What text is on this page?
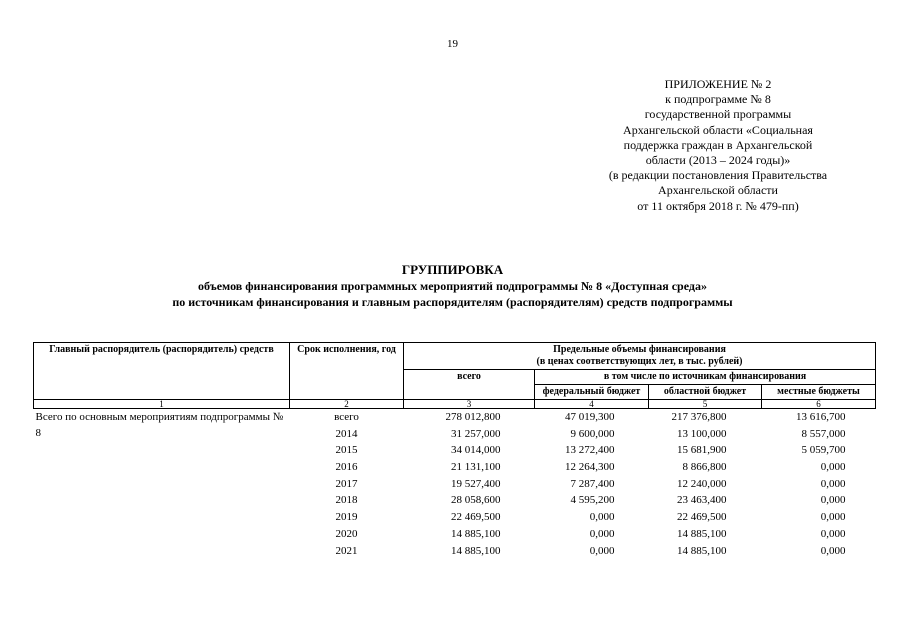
19
ПРИЛОЖЕНИЕ № 2
к подпрограмме № 8
государственной программы
Архангельской области «Социальная
поддержка граждан в Архангельской
области (2013 – 2024 годы)»
(в редакции постановления Правительства
Архангельской области
от 11 октября 2018 г. № 479-пп)
ГРУППИРОВКА
объемов финансирования программных мероприятий подпрограммы № 8 «Доступная среда»
по источникам финансирования и главным распорядителям (распорядителям) средств подпрограммы
Главный распорядитель (распорядитель) средств	Срок исполнения, год	Предельные объемы финансирования
(в ценах соответствующих лет, в тыс. рублей)			

		всего	в том числе по источникам финансирования		
			федеральный бюджет	областной бюджет	местные бюджеты
1	2	3	4	5	6
Всего по основным мероприятиям подпрограммы № 8	всего	278 012,800	47 019,300	217 376,800	13 616,700
	2014	31 257,000	9 600,000	13 100,000	8 557,000
	2015	34 014,000	13 272,400	15 681,900	5 059,700
	2016	21 131,100	12 264,300	8 866,800	0,000
	2017	19 527,400	7 287,400	12 240,000	0,000
	2018	28 058,600	4 595,200	23 463,400	0,000
	2019	22 469,500	0,000	22 469,500	0,000
	2020	14 885,100	0,000	14 885,100	0,000
	2021	14 885,100	0,000	14 885,100	0,000
